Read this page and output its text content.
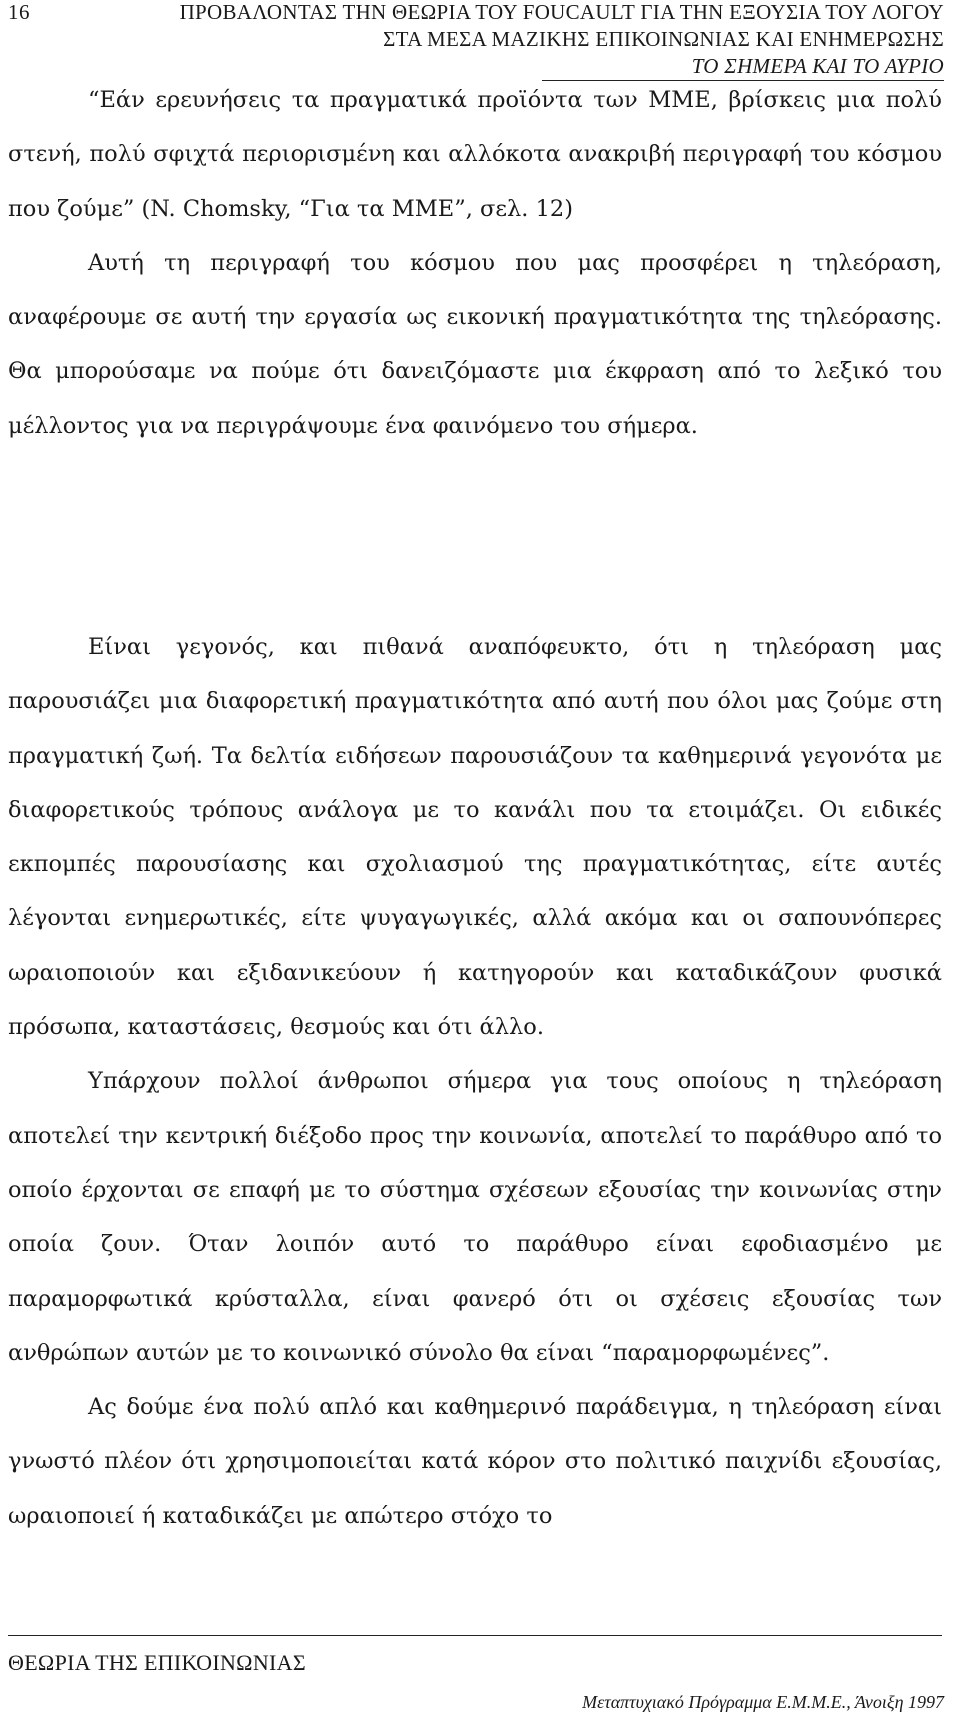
16	ΠΡΟΒΑΛΟΝΤΑΣ ΤΗΝ ΘΕΩΡΙΑ ΤΟΥ FOUCAULT ΓΙΑ ΤΗΝ ΕΞΟΥΣΙΑ ΤΟΥ ΛΟΓΟΥ
ΣΤΑ ΜΕΣΑ ΜΑΖΙΚΗΣ ΕΠΙΚΟΙΝΩΝΙΑΣ ΚΑΙ ΕΝΗΜΕΡΩΣΗΣ
ΤΟ ΣΗΜΕΡΑ ΚΑΙ ΤΟ ΑΥΡΙΟ

“Εάν ερευνήσεις τα πραγματικά προϊόντα των ΜΜΕ, βρίσκεις μια πολύ στενή, πολύ σφιχτά περιορισμένη και αλλόκοτα ανακριβή περιγραφή του κόσμου που ζούμε” (N. Chomsky, “Για τα ΜΜΕ”, σελ. 12)

Αυτή τη περιγραφή του κόσμου που μας προσφέρει η τηλεόραση, αναφέρουμε σε αυτή την εργασία ως εικονική πραγματικότητα της τηλεόρασης. Θα μπορούσαμε να πούμε ότι δανειζόμαστε μια έκφραση από το λεξικό του μέλλοντος για να περιγράψουμε ένα φαινόμενο του σήμερα.

Είναι γεγονός, και πιθανά αναπόφευκτο, ότι η τηλεόραση μας παρουσιάζει μια διαφορετική πραγματικότητα από αυτή που όλοι μας ζούμε στη πραγματική ζωή. Τα δελτία ειδήσεων παρουσιάζουν τα καθημερινά γεγονότα με διαφορετικούς τρόπους ανάλογα με το κανάλι που τα ετοιμάζει. Οι ειδικές εκπομπές παρουσίασης και σχολιασμού της πραγματικότητας, είτε αυτές λέγονται ενημερωτικές, είτε ψυγαγωγικές, αλλά ακόμα και οι σαπουνόπερες ωραιοποιούν και εξιδανικεύουν ή κατηγορούν και καταδικάζουν φυσικά πρόσωπα, καταστάσεις, θεσμούς και ότι άλλο.

Υπάρχουν πολλοί άνθρωποι σήμερα για τους οποίους η τηλεόραση αποτελεί την κεντρική διέξοδο προς την κοινωνία, αποτελεί το παράθυρο από το οποίο έρχονται σε επαφή με το σύστημα σχέσεων εξουσίας την κοινωνίας στην οποία ζουν. Όταν λοιπόν αυτό το παράθυρο είναι εφοδιασμένο με παραμορφωτικά κρύσταλλα, είναι φανερό ότι οι σχέσεις εξουσίας των ανθρώπων αυτών με το κοινωνικό σύνολο θα είναι “παραμορφωμένες”.

Ας δούμε ένα πολύ απλό και καθημερινό παράδειγμα, η τηλεόραση είναι γνωστό πλέον ότι χρησιμοποιείται κατά κόρον στο πολιτικό παιχνίδι εξουσίας, ωραιοποιεί ή καταδικάζει με απώτερο στόχο το

ΘΕΩΡΙΑ ΤΗΣ ΕΠΙΚΟΙΝΩΝΙΑΣ
Μεταπτυχιακό Πρόγραμμα Ε.Μ.Μ.Ε., Άνοιξη 1997
